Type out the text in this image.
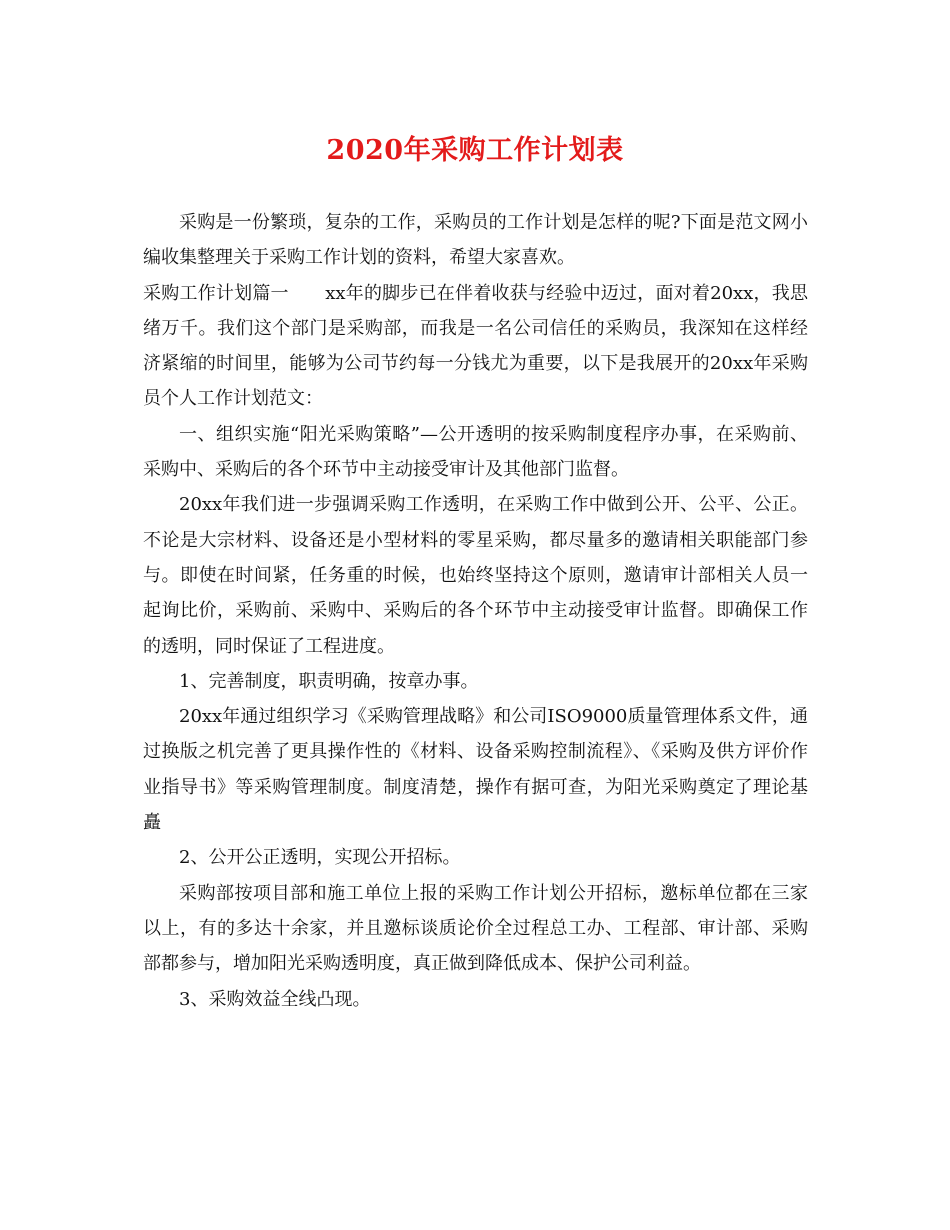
2020年采购工作计划表

采购是一份繁琐，复杂的工作，采购员的工作计划是怎样的呢?下面是范文网小编收集整理关于采购工作计划的资料，希望大家喜欢。

采购工作计划篇一　　xx年的脚步已在伴着收获与经验中迈过，面对着20xx，我思绪万千。我们这个部门是采购部，而我是一名公司信任的采购员，我深知在这样经济紧缩的时间里，能够为公司节约每一分钱尤为重要，以下是我展开的20xx年采购员个人工作计划范文：

一、组织实施“阳光采购策略”—公开透明的按采购制度程序办事，在采购前、采购中、采购后的各个环节中主动接受审计及其他部门监督。

20xx年我们进一步强调采购工作透明，在采购工作中做到公开、公平、公正。不论是大宗材料、设备还是小型材料的零星采购，都尽量多的邀请相关职能部门参与。即使在时间紧，任务重的时候，也始终坚持这个原则，邀请审计部相关人员一起询比价，采购前、采购中、采购后的各个环节中主动接受审计监督。即确保工作的透明，同时保证了工程进度。

1、完善制度，职责明确，按章办事。

20xx年通过组织学习《采购管理战略》和公司ISO9000质量管理体系文件，通过换版之机完善了更具操作性的《材料、设备采购控制流程》、《采购及供方评价作业指导书》等采购管理制度。制度清楚，操作有据可查，为阳光采购奠定了理论基矗

2、公开公正透明，实现公开招标。

采购部按项目部和施工单位上报的采购工作计划公开招标，邀标单位都在三家以上，有的多达十余家，并且邀标谈质论价全过程总工办、工程部、审计部、采购部都参与，增加阳光采购透明度，真正做到降低成本、保护公司利益。

3、采购效益全线凸现。
